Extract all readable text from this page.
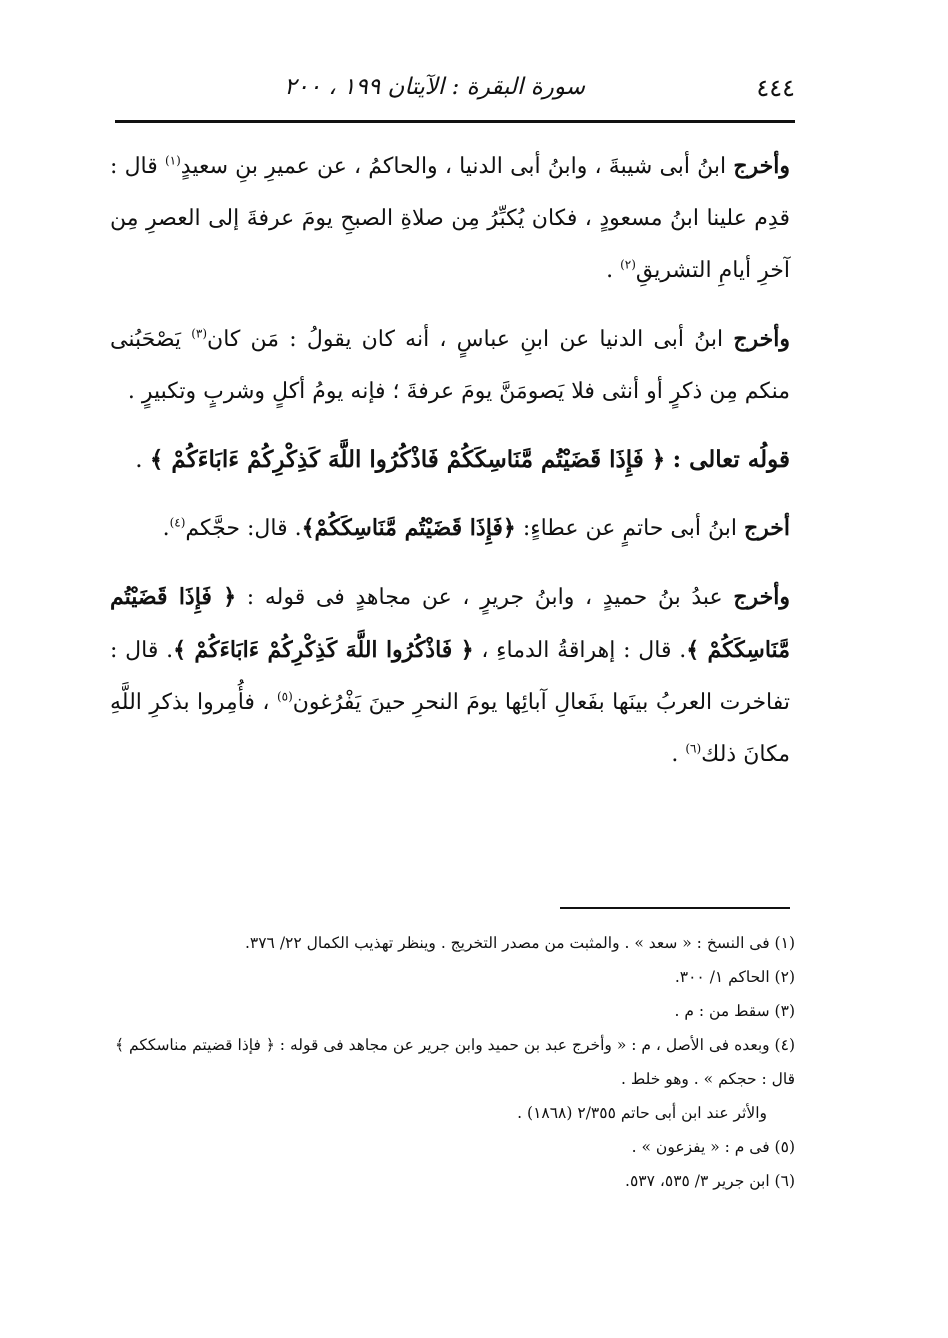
٤٤٤
سورة البقرة : الآيتان ١٩٩ ، ٢٠٠

وأخرج ابنُ أبى شيبةَ ، وابنُ أبى الدنيا ، والحاكمُ ، عن عميرِ بنِ سعيدٍ$^{(١)}$ قال : قدِم علينا ابنُ مسعودٍ ، فكان يُكبِّرُ مِن صلاةِ الصبحِ يومَ عرفةَ إلى العصرِ مِن آخرِ أيامِ التشريقِ$^{(٢)}$ .

وأخرج ابنُ أبى الدنيا عن ابنِ عباسٍ ، أنه كان يقولُ : مَن كان$^{(٣)}$ يَصْحَبُنى منكم مِن ذكرٍ أو أنثى فلا يَصومَنَّ يومَ عرفةَ ؛ فإنه يومُ أكلٍ وشربٍ وتكبيرٍ .

قولُه تعالى : ﴿ فَإِذَا قَضَيْتُم مَّنَاسِكَكُمْ فَاذْكُرُوا اللَّهَ كَذِكْرِكُمْ ءَابَاءَكُمْ ﴾ .

أخرج ابنُ أبى حاتمٍ عن عطاءٍ: ﴿فَإِذَا قَضَيْتُم مَّنَاسِكَكُمْ﴾. قال: حجَّكم$^{(٤)}$.

وأخرج عبدُ بنُ حميدٍ ، وابنُ جريرٍ ، عن مجاهدٍ فى قوله : ﴿ فَإِذَا قَضَيْتُم مَّنَاسِكَكُمْ ﴾. قال : إهراقةُ الدماءِ ، ﴿ فَاذْكُرُوا اللَّهَ كَذِكْرِكُمْ ءَابَاءَكُمْ ﴾. قال : تفاخرت العربُ بينَها بفَعالِ آبائِها يومَ النحرِ حينَ يَفْرُغون$^{(٥)}$ ، فأُمِروا بذكرِ اللَّهِ مكانَ ذلك$^{(٦)}$ .

(١) فى النسخ : « سعد » . والمثبت من مصدر التخريج . وينظر تهذيب الكمال ٢٢/ ٣٧٦.

(٢) الحاكم ١/ ٣٠٠.

(٣) سقط من : م .

(٤) وبعده فى الأصل ، م : « وأخرج عبد بن حميد وابن جرير عن مجاهد فى قوله : ﴿ فإذا قضيتم مناسككم ﴾ قال : حجكم » . وهو خلط .

والأثر عند ابن أبى حاتم ٢/٣٥٥ (١٨٦٨) .

(٥) فى م : « يفزعون » .

(٦) ابن جرير ٣/ ٥٣٥، ٥٣٧.
